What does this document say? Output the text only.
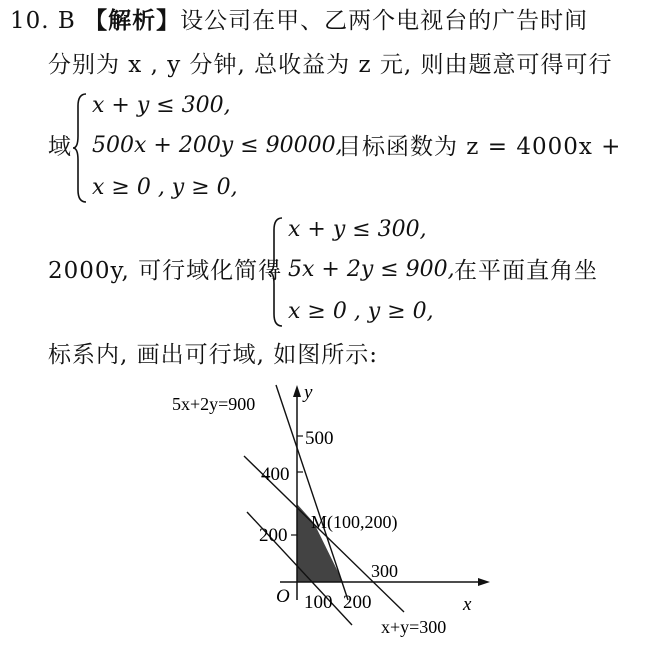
10. B 【解析】设公司在甲、乙两个电视台的广告时间
分别为 x , y 分钟, 总收益为 z 元, 则由题意可得可行
域
x + y ≤ 300,
500x + 200y ≤ 90000,
x ≥ 0 , y ≥ 0,
目标函数为 z = 4000x +
2000y, 可行域化简得
x + y ≤ 300,
5x + 2y ≤ 900,
x ≥ 0 , y ≥ 0,
在平面直角坐
标系内, 画出可行域, 如图所示:
y
x
O
500
400
200
100 200
5x+2y=900
x+y=300
M(100,200)
300
